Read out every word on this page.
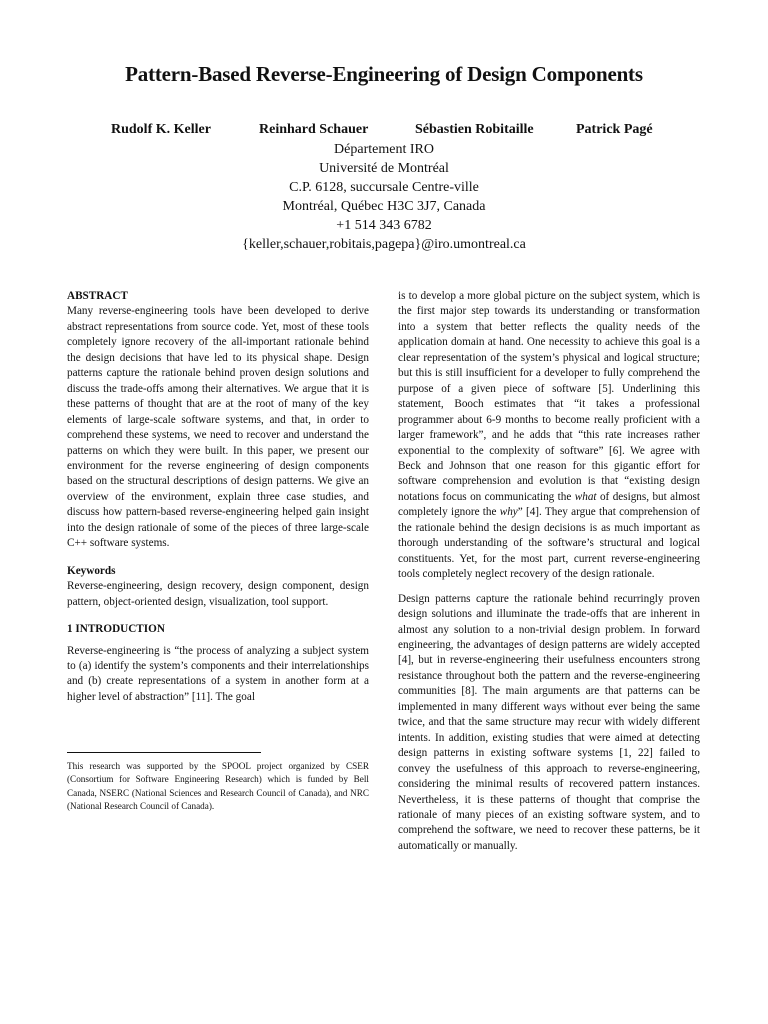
Pattern-Based Reverse-Engineering of Design Components
Rudolf K. Keller	Reinhard Schauer	Sébastien Robitaille	Patrick Pagé
Département IRO
Université de Montréal
C.P. 6128, succursale Centre-ville
Montréal, Québec H3C 3J7, Canada
+1 514 343 6782
{keller,schauer,robitais,pagepa}@iro.umontreal.ca
ABSTRACT

Many reverse-engineering tools have been developed to derive abstract representations from source code. Yet, most of these tools completely ignore recovery of the all-important rationale behind the design decisions that have led to its physical shape. Design patterns capture the rationale behind proven design solutions and discuss the trade-offs among their alternatives. We argue that it is these patterns of thought that are at the root of many of the key elements of large-scale software systems, and that, in order to comprehend these systems, we need to recover and understand the patterns on which they were built. In this paper, we present our environment for the reverse engineering of design components based on the structural descriptions of design patterns. We give an overview of the environment, explain three case studies, and discuss how pattern-based reverse-engineering helped gain insight into the design rationale of some of the pieces of three large-scale C++ software systems.

Keywords

Reverse-engineering, design recovery, design component, design pattern, object-oriented design, visualization, tool support.

1 INTRODUCTION

Reverse-engineering is “the process of analyzing a subject system to (a) identify the system’s components and their interrelationships and (b) create representations of a system in another form at a higher level of abstraction” [11]. The goal

This research was supported by the SPOOL project organized by CSER (Consortium for Software Engineering Research) which is funded by Bell Canada, NSERC (National Sciences and Research Council of Canada), and NRC (National Research Council of Canada).

is to develop a more global picture on the subject system, which is the first major step towards its understanding or transformation into a system that better reflects the quality needs of the application domain at hand. One necessity to achieve this goal is a clear representation of the system’s physical and logical structure; but this is still insufficient for a developer to fully comprehend the purpose of a given piece of software [5]. Underlining this statement, Booch estimates that “it takes a professional programmer about 6-9 months to become really proficient with a larger framework”, and he adds that “this rate increases rather exponential to the complexity of software” [6]. We agree with Beck and Johnson that one reason for this gigantic effort for software comprehension and evolution is that “existing design notations focus on communicating the what of designs, but almost completely ignore the why” [4]. They argue that comprehension of the rationale behind the design decisions is as much important as thorough understanding of the software’s structural and logical constituents. Yet, for the most part, current reverse-engineering tools completely neglect recovery of the design rationale.

Design patterns capture the rationale behind recurringly proven design solutions and illuminate the trade-offs that are inherent in almost any solution to a non-trivial design problem. In forward engineering, the advantages of design patterns are widely accepted [4], but in reverse-engineering their usefulness encounters strong resistance throughout both the pattern and the reverse-engineering communities [8]. The main arguments are that patterns can be implemented in many different ways without ever being the same twice, and that the same structure may recur with widely different intents. In addition, existing studies that were aimed at detecting design patterns in existing software systems [1, 22] failed to convey the usefulness of this approach to reverse-engineering, considering the minimal results of recovered pattern instances. Nevertheless, it is these patterns of thought that comprise the rationale of many pieces of an existing software system, and to comprehend the software, we need to recover these patterns, be it automatically or manually.
